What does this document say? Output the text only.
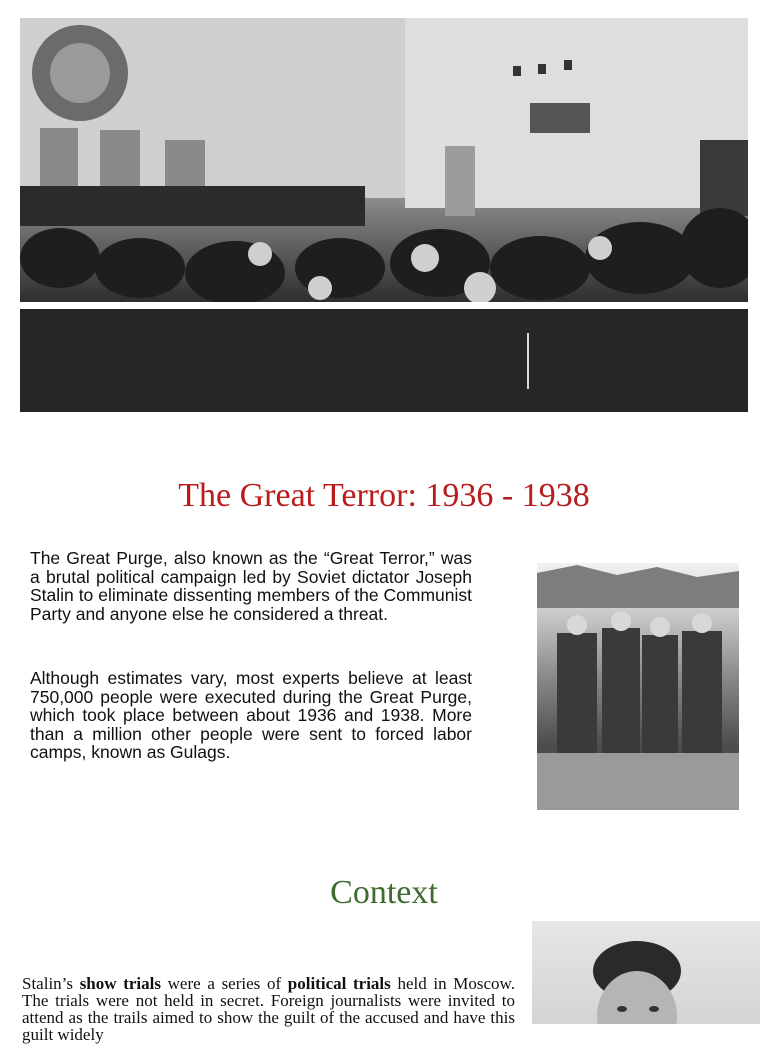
The Great Terror: 1936 - 1938
The Great Purge, also known as the “Great Terror,” was a brutal political campaign led by Soviet dictator Joseph Stalin to eliminate dissenting members of the Communist Party and anyone else he considered a threat.
Although estimates vary, most experts believe at least 750,000 people were executed during the Great Purge, which took place between about 1936 and 1938. More than a million other people were sent to forced labor camps, known as Gulags.
Context
Stalin’s show trials were a series of political trials held in Moscow. The trials were not held in secret. Foreign journalists were invited to attend as the trails aimed to show the guilt of the accused and have this guilt widely
